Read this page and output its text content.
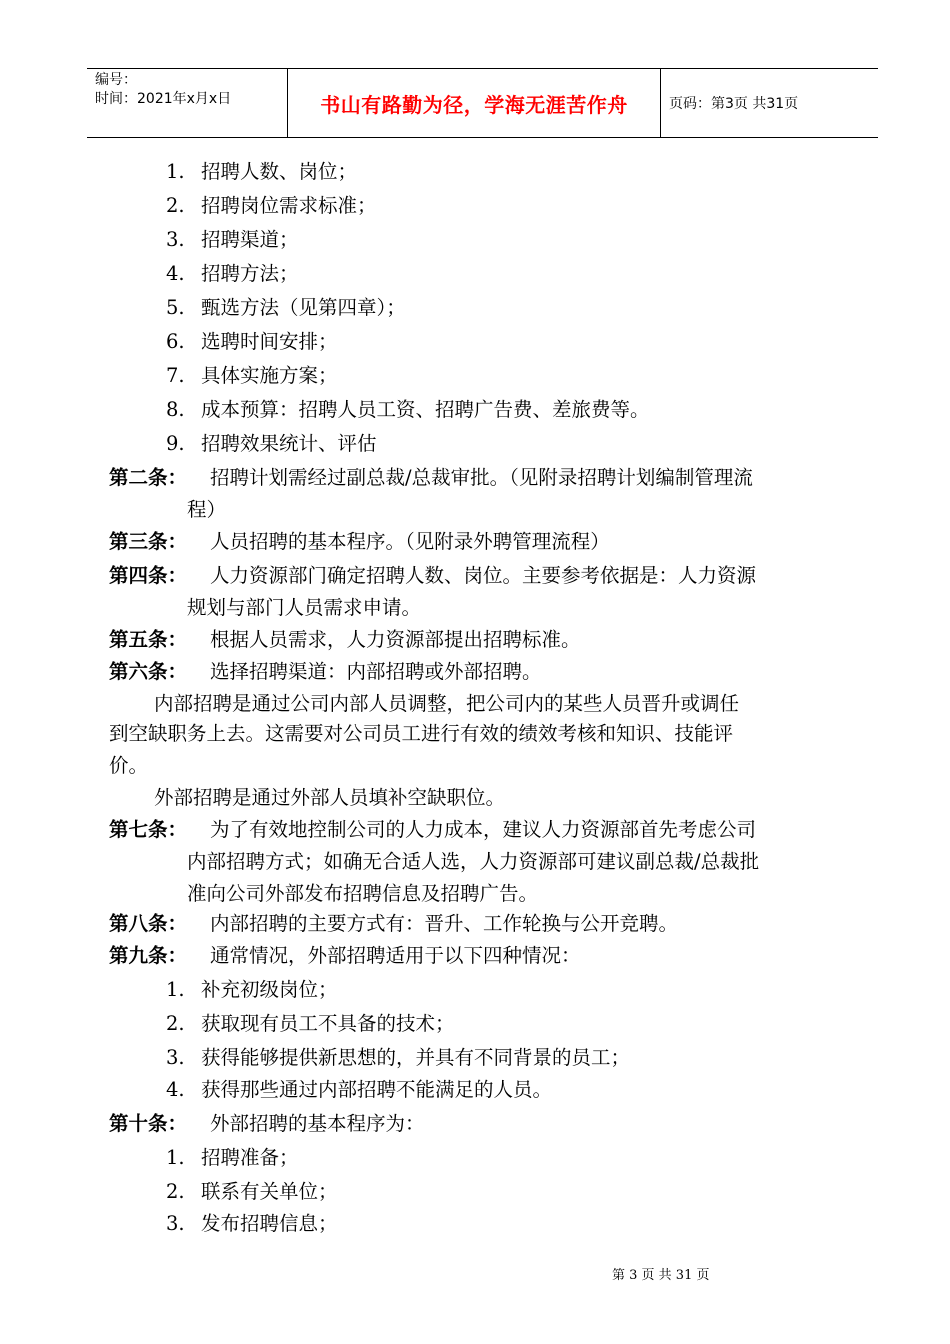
编号：
时间：2021年x月x日	书山有路勤为径，学海无涯苦作舟	页码：第3页 共31页
1. 招聘人数、岗位；
2. 招聘岗位需求标准；
3. 招聘渠道；
4. 招聘方法；
5. 甄选方法（见第四章）；
6. 选聘时间安排；
7. 具体实施方案；
8. 成本预算：招聘人员工资、招聘广告费、差旅费等。
9. 招聘效果统计、评估
第二条： 招聘计划需经过副总裁/总裁审批。（见附录招聘计划编制管理流
程）
第三条： 人员招聘的基本程序。（见附录外聘管理流程）
第四条： 人力资源部门确定招聘人数、岗位。主要参考依据是：人力资源
规划与部门人员需求申请。
第五条： 根据人员需求，人力资源部提出招聘标准。
第六条： 选择招聘渠道：内部招聘或外部招聘。
内部招聘是通过公司内部人员调整，把公司内的某些人员晋升或调任
到空缺职务上去。这需要对公司员工进行有效的绩效考核和知识、技能评
价。
外部招聘是通过外部人员填补空缺职位。
第七条： 为了有效地控制公司的人力成本，建议人力资源部首先考虑公司
内部招聘方式；如确无合适人选，人力资源部可建议副总裁/总裁批
准向公司外部发布招聘信息及招聘广告。
第八条： 内部招聘的主要方式有：晋升、工作轮换与公开竞聘。
第九条： 通常情况，外部招聘适用于以下四种情况：
1. 补充初级岗位；
2. 获取现有员工不具备的技术；
3. 获得能够提供新思想的，并具有不同背景的员工；
4. 获得那些通过内部招聘不能满足的人员。
第十条： 外部招聘的基本程序为：
1. 招聘准备；
2. 联系有关单位；
3. 发布招聘信息；
第 3 页 共 31 页
